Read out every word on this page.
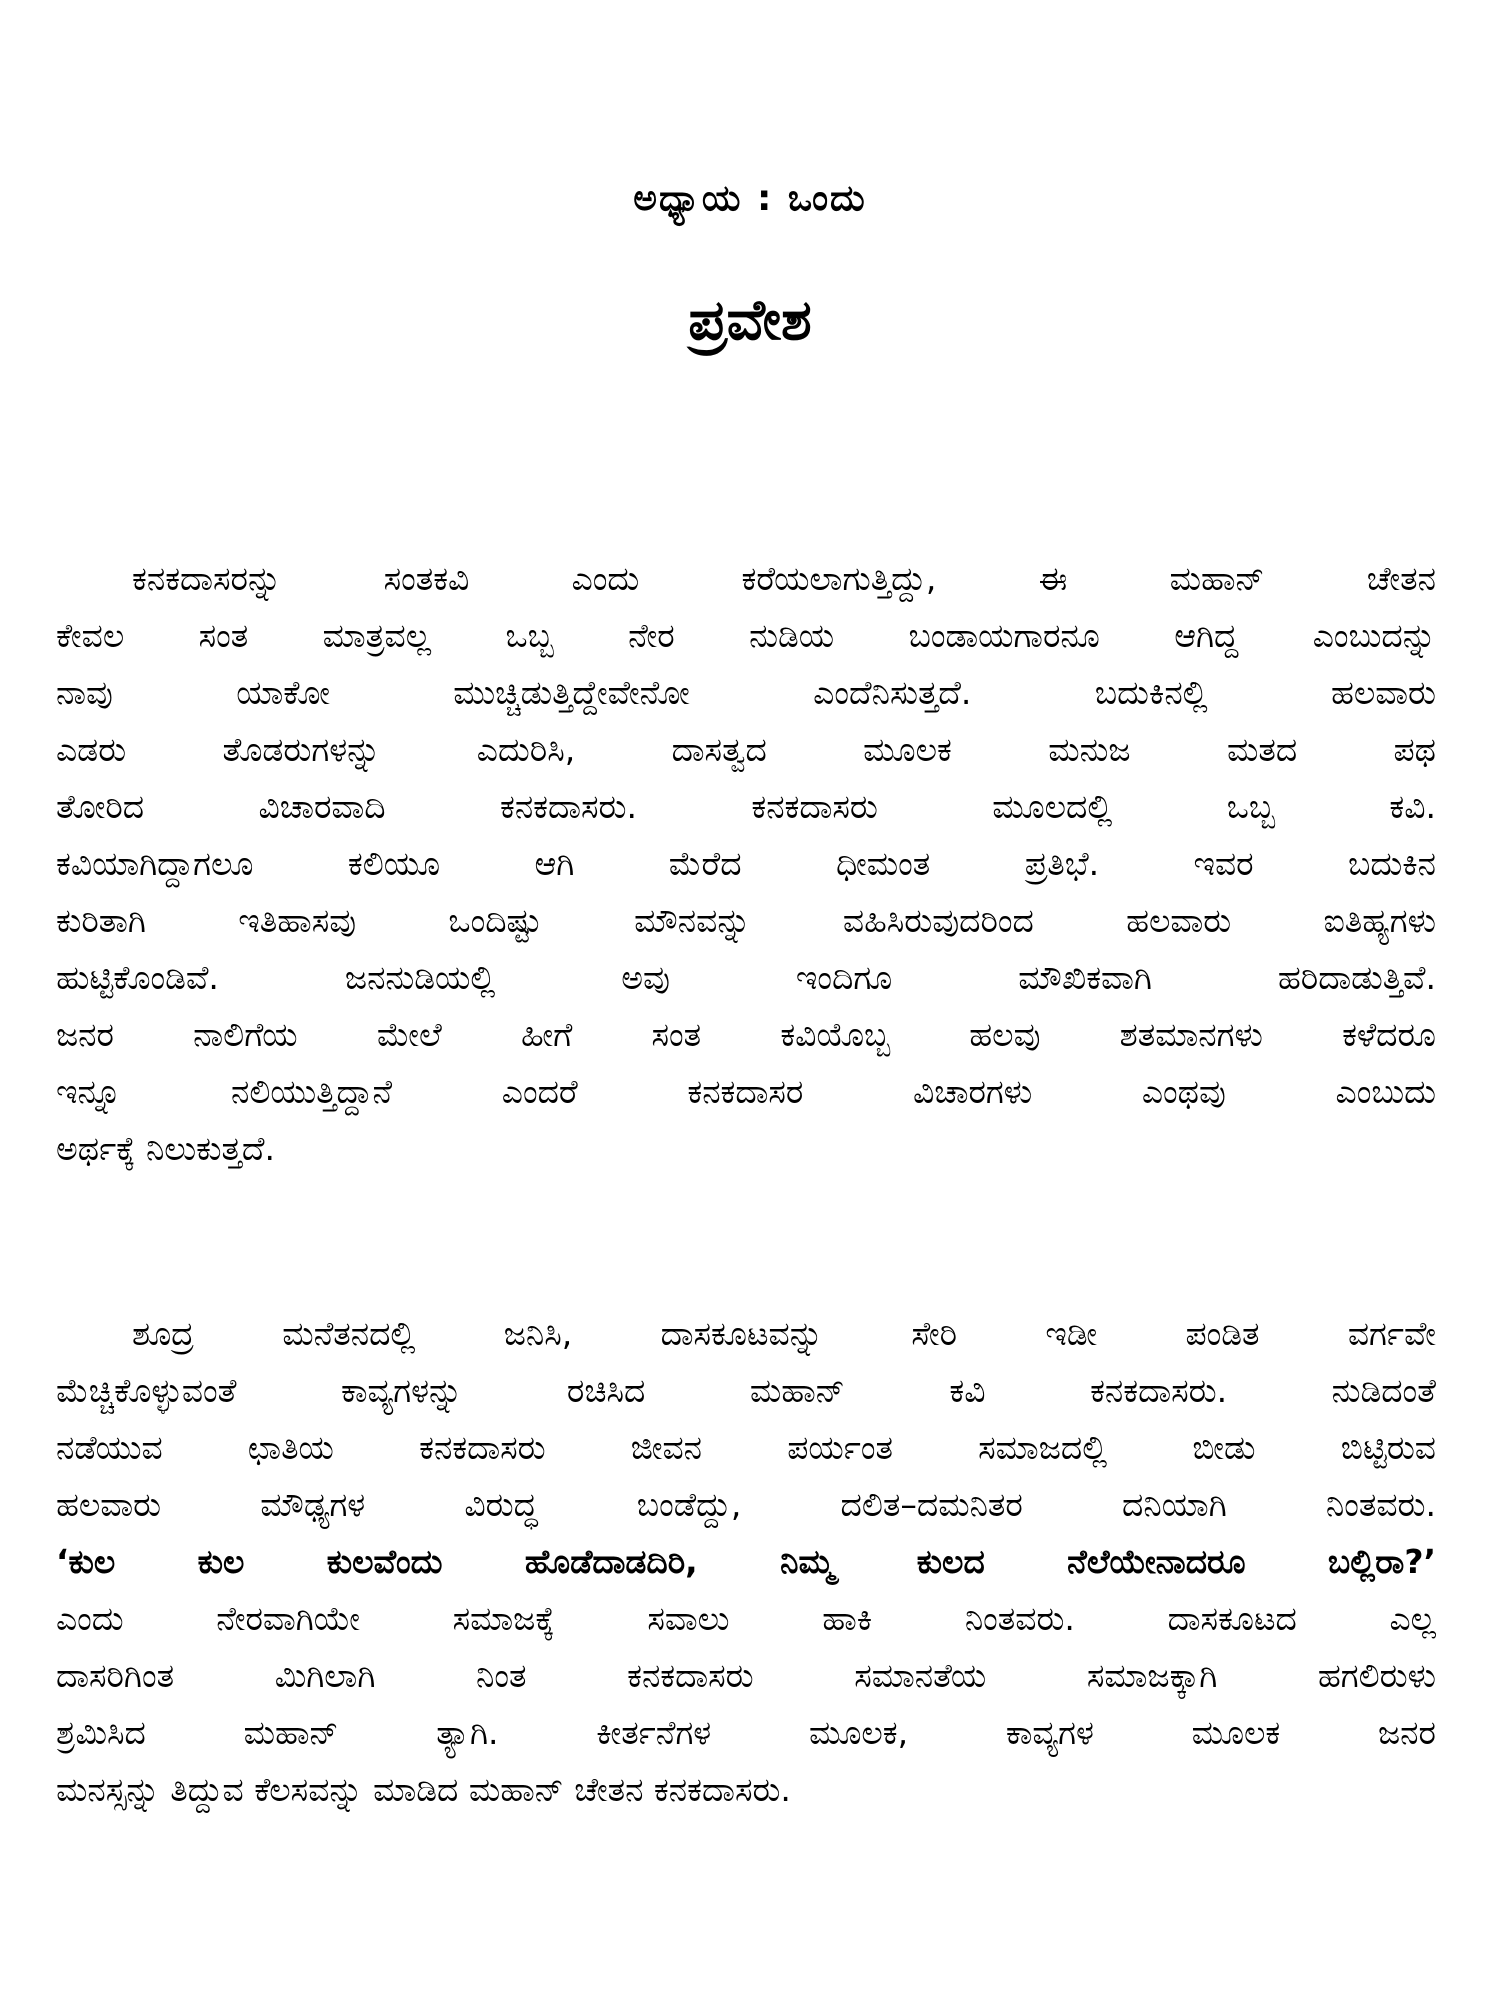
ಅಧ್ಯಾಯ : ಒಂದು
ಪ್ರವೇಶ
ಕನಕದಾಸರನ್ನು ಸಂತಕವಿ ಎಂದು ಕರೆಯಲಾಗುತ್ತಿದ್ದು, ಈ ಮಹಾನ್ ಚೇತನ
ಕೇವಲ ಸಂತ ಮಾತ್ರವಲ್ಲ ಒಬ್ಬ ನೇರ ನುಡಿಯ ಬಂಡಾಯಗಾರನೂ ಆಗಿದ್ದ ಎಂಬುದನ್ನು
ನಾವು ಯಾಕೋ ಮುಚ್ಚಿಡುತ್ತಿದ್ದೇವೇನೋ ಎಂದೆನಿಸುತ್ತದೆ. ಬದುಕಿನಲ್ಲಿ ಹಲವಾರು
ಎಡರು ತೊಡರುಗಳನ್ನು ಎದುರಿಸಿ, ದಾಸತ್ವದ ಮೂಲಕ ಮನುಜ ಮತದ ಪಥ
ತೋರಿದ ವಿಚಾರವಾದಿ ಕನಕದಾಸರು. ಕನಕದಾಸರು ಮೂಲದಲ್ಲಿ ಒಬ್ಬ ಕವಿ.
ಕವಿಯಾಗಿದ್ದಾಗಲೂ ಕಲಿಯೂ ಆಗಿ ಮೆರೆದ ಧೀಮಂತ ಪ್ರತಿಭೆ. ಇವರ ಬದುಕಿನ
ಕುರಿತಾಗಿ ಇತಿಹಾಸವು ಒಂದಿಷ್ಟು ಮೌನವನ್ನು ವಹಿಸಿರುವುದರಿಂದ ಹಲವಾರು ಐತಿಹ್ಯಗಳು
ಹುಟ್ಟಿಕೊಂಡಿವೆ. ಜನನುಡಿಯಲ್ಲಿ ಅವು ಇಂದಿಗೂ ಮೌಖಿಕವಾಗಿ ಹರಿದಾಡುತ್ತಿವೆ.
ಜನರ ನಾಲಿಗೆಯ ಮೇಲೆ ಹೀಗೆ ಸಂತ ಕವಿಯೊಬ್ಬ ಹಲವು ಶತಮಾನಗಳು ಕಳೆದರೂ
ಇನ್ನೂ ನಲಿಯುತ್ತಿದ್ದಾನೆ ಎಂದರೆ ಕನಕದಾಸರ ವಿಚಾರಗಳು ಎಂಥವು ಎಂಬುದು
ಅರ್ಥಕ್ಕೆ ನಿಲುಕುತ್ತದೆ.
ಶೂದ್ರ ಮನೆತನದಲ್ಲಿ ಜನಿಸಿ, ದಾಸಕೂಟವನ್ನು ಸೇರಿ ಇಡೀ ಪಂಡಿತ ವರ್ಗವೇ
ಮೆಚ್ಚಿಕೊಳ್ಳುವಂತೆ ಕಾವ್ಯಗಳನ್ನು ರಚಿಸಿದ ಮಹಾನ್ ಕವಿ ಕನಕದಾಸರು. ನುಡಿದಂತೆ
ನಡೆಯುವ ಛಾತಿಯ ಕನಕದಾಸರು ಜೀವನ ಪರ್ಯಂತ ಸಮಾಜದಲ್ಲಿ ಬೀಡು ಬಿಟ್ಟಿರುವ
ಹಲವಾರು ಮೌಢ್ಯಗಳ ವಿರುದ್ಧ ಬಂಡೆದ್ದು, ದಲಿತ–ದಮನಿತರ ದನಿಯಾಗಿ ನಿಂತವರು.
‘ಕುಲ ಕುಲ ಕುಲವೆಂದು ಹೊಡೆದಾಡದಿರಿ, ನಿಮ್ಮ ಕುಲದ ನೆಲೆಯೇನಾದರೂ ಬಲ್ಲಿರಾ?’
ಎಂದು ನೇರವಾಗಿಯೇ ಸಮಾಜಕ್ಕೆ ಸವಾಲು ಹಾಕಿ ನಿಂತವರು. ದಾಸಕೂಟದ ಎಲ್ಲ
ದಾಸರಿಗಿಂತ ಮಿಗಿಲಾಗಿ ನಿಂತ ಕನಕದಾಸರು ಸಮಾನತೆಯ ಸಮಾಜಕ್ಕಾಗಿ ಹಗಲಿರುಳು
ಶ್ರಮಿಸಿದ ಮಹಾನ್ ತ್ಯಾಗಿ. ಕೀರ್ತನೆಗಳ ಮೂಲಕ, ಕಾವ್ಯಗಳ ಮೂಲಕ ಜನರ
ಮನಸ್ಸನ್ನು ತಿದ್ದುವ ಕೆಲಸವನ್ನು ಮಾಡಿದ ಮಹಾನ್ ಚೇತನ ಕನಕದಾಸರು.
